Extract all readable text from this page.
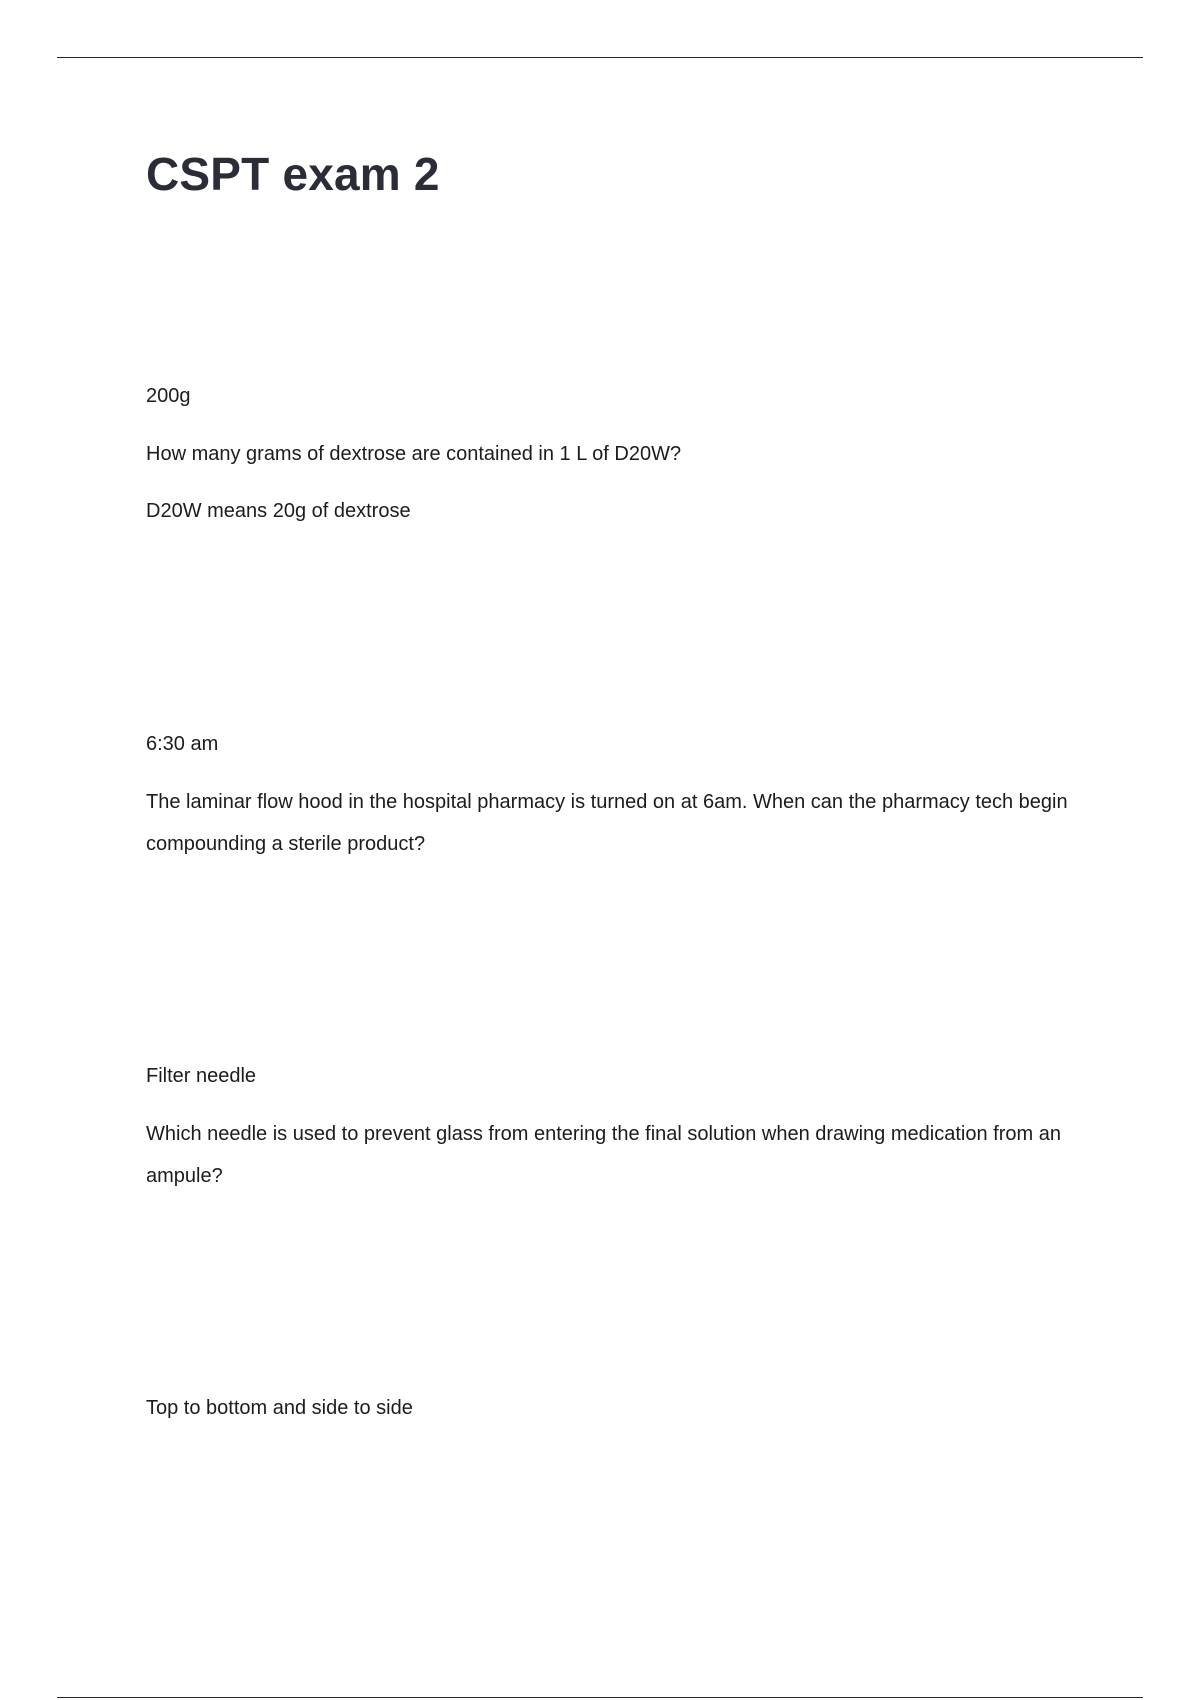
CSPT exam 2

200g

How many grams of dextrose are contained in 1 L of D20W?

D20W means 20g of dextrose

6:30 am

The laminar flow hood in the hospital pharmacy is turned on at 6am. When can the pharmacy tech begin compounding a sterile product?

Filter needle

Which needle is used to prevent glass from entering the final solution when drawing medication from an ampule?

Top to bottom and side to side
